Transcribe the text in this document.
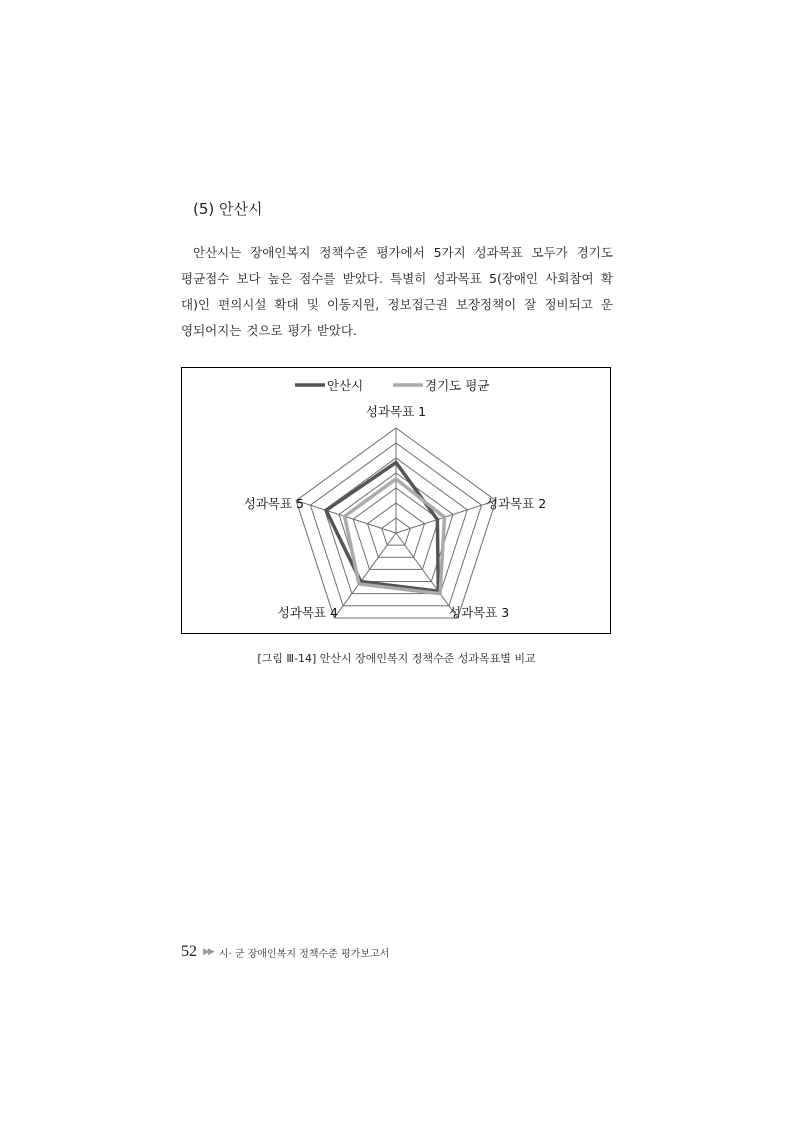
(5) 안산시
안산시는 장애인복지 정책수준 평가에서 5가지 성과목표 모두가 경기도
평균점수 보다 높은 점수를 받았다. 특별히 성과목표 5(장애인 사회참여 확
대)인 편의시설 확대 및 이동지원, 정보접근권 보장정책이 잘 정비되고 운
영되어지는 것으로 평가 받았다.
성과목표 1
성과목표 2
성과목표 3
성과목표 4
성과목표 5
안산시	경기도 평균
[그림 Ⅲ-14] 안산시 장애인복지 정책수준 성과목표별 비교
52 ▶▶ 시· 군 장애인복지 정책수준 평가보고서
